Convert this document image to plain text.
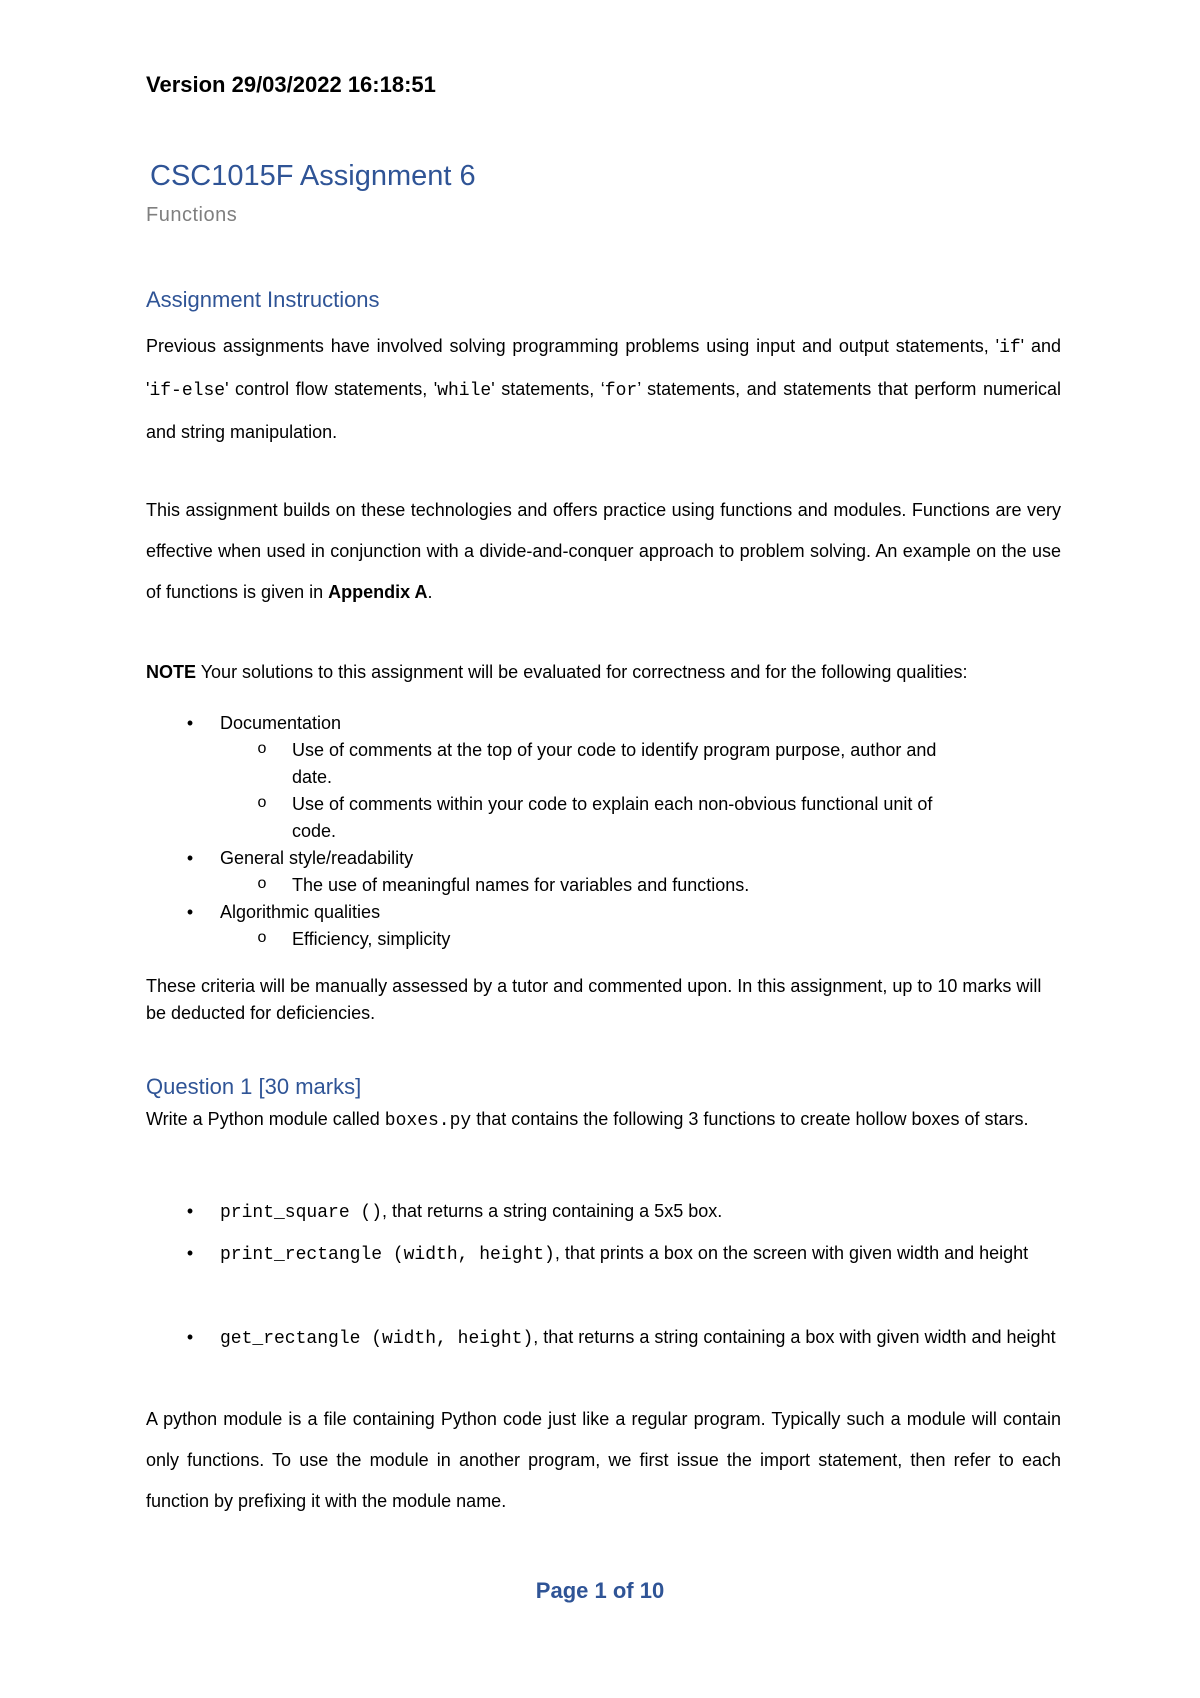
Version 29/03/2022 16:18:51
CSC1015F Assignment 6
Functions
Assignment Instructions
Previous assignments have involved solving programming problems using input and output statements, 'if' and 'if-else' control flow statements, 'while' statements, ‘for’ statements, and statements that perform numerical and string manipulation.
This assignment builds on these technologies and offers practice using functions and modules. Functions are very effective when used in conjunction with a divide-and-conquer approach to problem solving. An example on the use of functions is given in Appendix A.
NOTE Your solutions to this assignment will be evaluated for correctness and for the following qualities:
•	Documentation
o	Use of comments at the top of your code to identify program purpose, author and
date.
o	Use of comments within your code to explain each non-obvious functional unit of
code.
•	General style/readability
o	The use of meaningful names for variables and functions.
•	Algorithmic qualities
o	Efficiency, simplicity
These criteria will be manually assessed by a tutor and commented upon. In this assignment, up to 10 marks will be deducted for deficiencies.
Question 1 [30 marks]
Write a Python module called boxes.py that contains the following 3 functions to create hollow boxes of stars.
•	print_square (), that returns a string containing a 5x5 box.
•	print_rectangle (width, height), that prints a box on the screen with given width and height
•	get_rectangle (width, height), that returns a string containing a box with given width and height
A python module is a file containing Python code just like a regular program. Typically such a module will contain only functions. To use the module in another program, we first issue the import statement, then refer to each function by prefixing it with the module name.
Page 1 of 10
